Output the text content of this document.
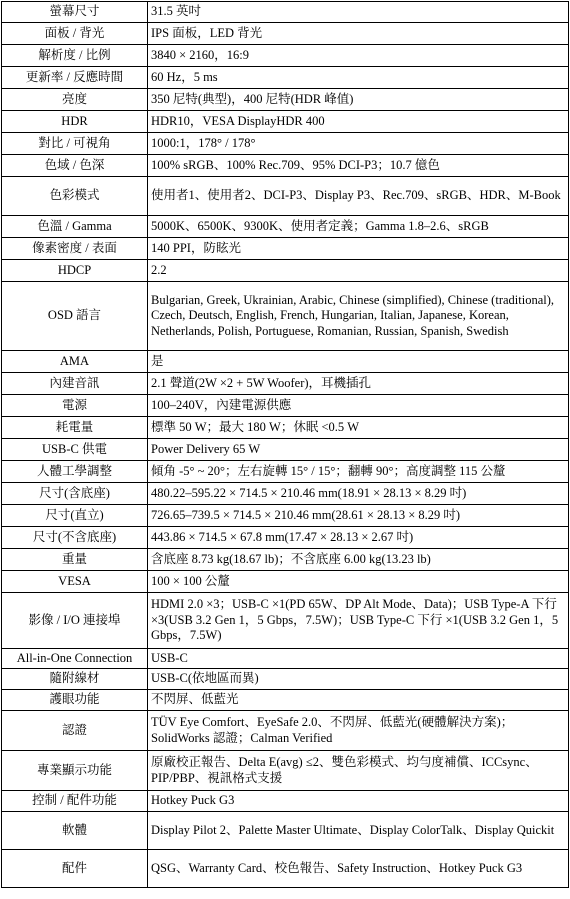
螢幕尺寸	31.5 英吋
面板 / 背光	IPS 面板，LED 背光
解析度 / 比例	3840 × 2160，16:9
更新率 / 反應時間	60 Hz，5 ms
亮度	350 尼特(典型)，400 尼特(HDR 峰值)
HDR	HDR10，VESA DisplayHDR 400
對比 / 可視角	1000:1，178° / 178°
色域 / 色深	100% sRGB、100% Rec.709、95% DCI-P3；10.7 億色
色彩模式	使用者1、使用者2、DCI-P3、Display P3、Rec.709、sRGB、HDR、M-Book
色溫 / Gamma	5000K、6500K、9300K、使用者定義；Gamma 1.8–2.6、sRGB
像素密度 / 表面	140 PPI，防眩光
HDCP	2.2
OSD 語言	Bulgarian, Greek, Ukrainian, Arabic, Chinese (simplified), Chinese (traditional), Czech, Deutsch, English, French, Hungarian, Italian, Japanese, Korean, Netherlands, Polish, Portuguese, Romanian, Russian, Spanish, Swedish
AMA	是
內建音訊	2.1 聲道(2W ×2 + 5W Woofer)，耳機插孔
電源	100–240V，內建電源供應
耗電量	標準 50 W；最大 180 W；休眠 <0.5 W
USB-C 供電	Power Delivery 65 W
人體工學調整	傾角 -5° ~ 20°；左右旋轉 15° / 15°；翻轉 90°；高度調整 115 公釐
尺寸(含底座)	480.22–595.22 × 714.5 × 210.46 mm(18.91 × 28.13 × 8.29 吋)
尺寸(直立)	726.65–739.5 × 714.5 × 210.46 mm(28.61 × 28.13 × 8.29 吋)
尺寸(不含底座)	443.86 × 714.5 × 67.8 mm(17.47 × 28.13 × 2.67 吋)
重量	含底座 8.73 kg(18.67 lb)；不含底座 6.00 kg(13.23 lb)
VESA	100 × 100 公釐
影像 / I/O 連接埠	HDMI 2.0 ×3；USB-C ×1(PD 65W、DP Alt Mode、Data)；USB Type-A 下行 ×3(USB 3.2 Gen 1，5 Gbps，7.5W)；USB Type-C 下行 ×1(USB 3.2 Gen 1，5 Gbps，7.5W)
All-in-One Connection	USB-C
隨附線材	USB-C(依地區而異)
護眼功能	不閃屏、低藍光
認證	TÜV Eye Comfort、EyeSafe 2.0、不閃屏、低藍光(硬體解決方案)；SolidWorks 認證；Calman Verified
專業顯示功能	原廠校正報告、Delta E(avg) ≤2、雙色彩模式、均勻度補償、ICCsync、PIP/PBP、視訊格式支援
控制 / 配件功能	Hotkey Puck G3
軟體	Display Pilot 2、Palette Master Ultimate、Display ColorTalk、Display Quickit
配件	QSG、Warranty Card、校色報告、Safety Instruction、Hotkey Puck G3
